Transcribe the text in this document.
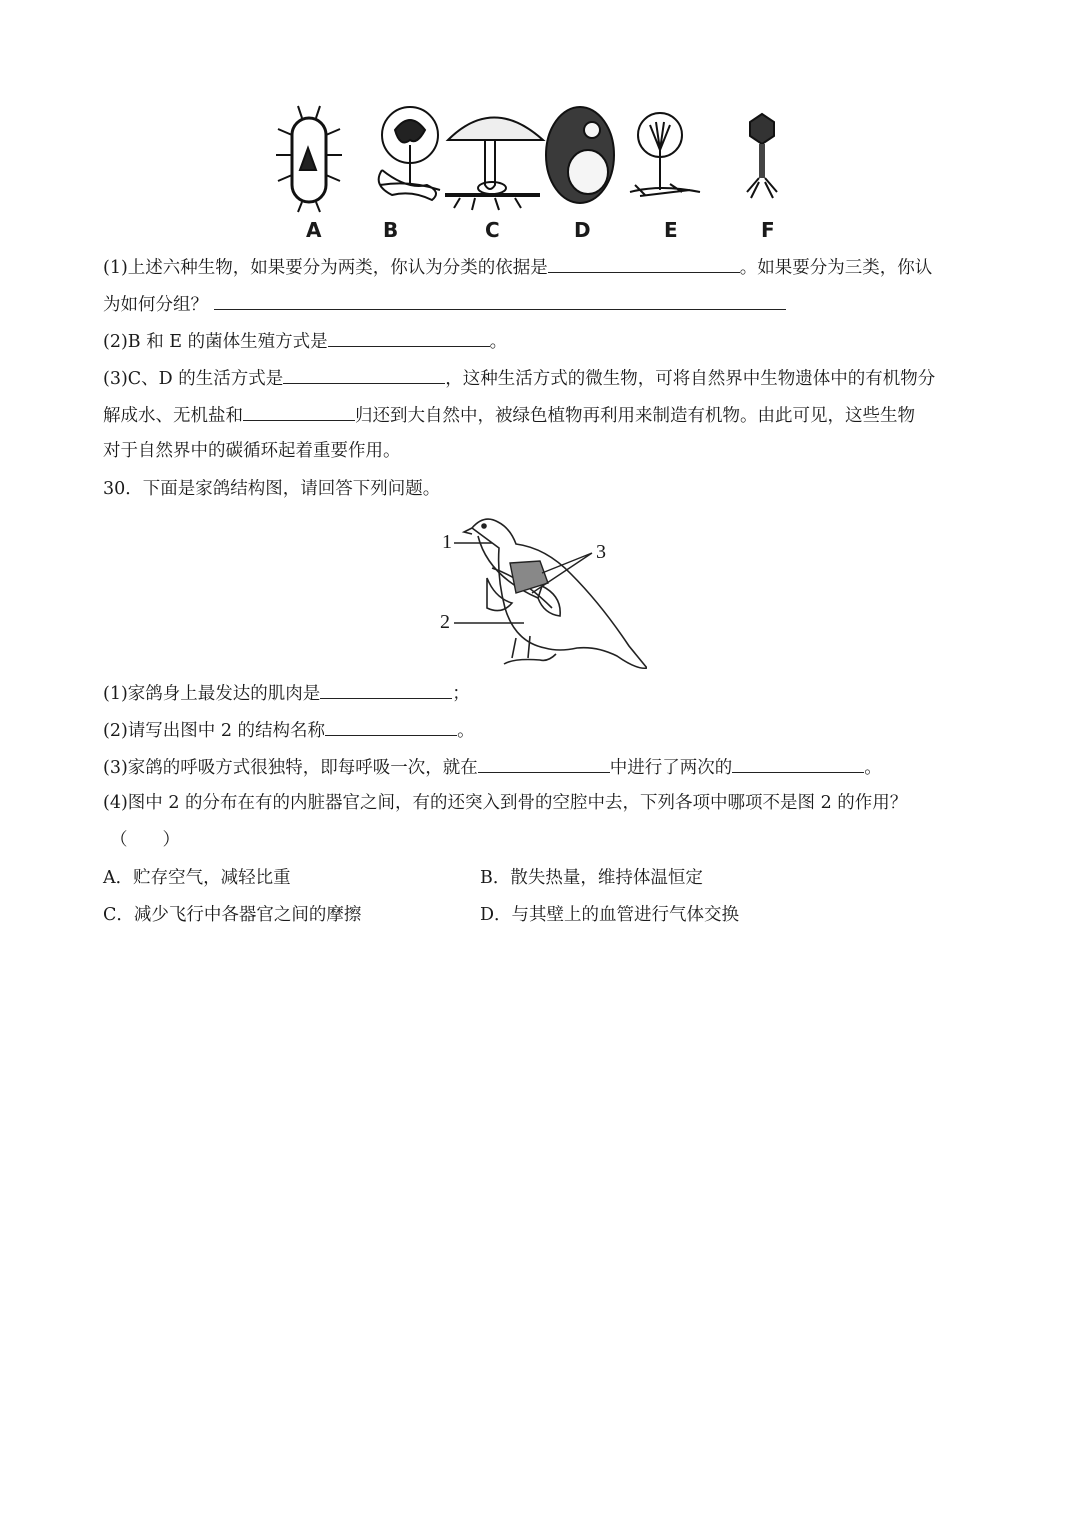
A	B	C	D	E	F
(1)上述六种生物，如果要分为两类，你认为分类的依据是	。如果要分为三类，你认
为如何分组？
(2)B 和 E 的菌体生殖方式是	。
(3)C、D 的生活方式是	，这种生活方式的微生物，可将自然界中生物遗体中的有机物分
解成水、无机盐和	归还到大自然中，被绿色植物再利用来制造有机物。由此可见，这些生物
对于自然界中的碳循环起着重要作用。
30．下面是家鸽结构图，请回答下列问题。
1
2
3
(1)家鸽身上最发达的肌肉是	；
(2)请写出图中 2 的结构名称	。
(3)家鸽的呼吸方式很独特，即每呼吸一次，就在	中进行了两次的	。
(4)图中 2 的分布在有的内脏器官之间，有的还突入到骨的空腔中去，下列各项中哪项不是图 2 的作用？
（　　）
A．贮存空气，减轻比重	B．散失热量，维持体温恒定
C．减少飞行中各器官之间的摩擦	D．与其壁上的血管进行气体交换
